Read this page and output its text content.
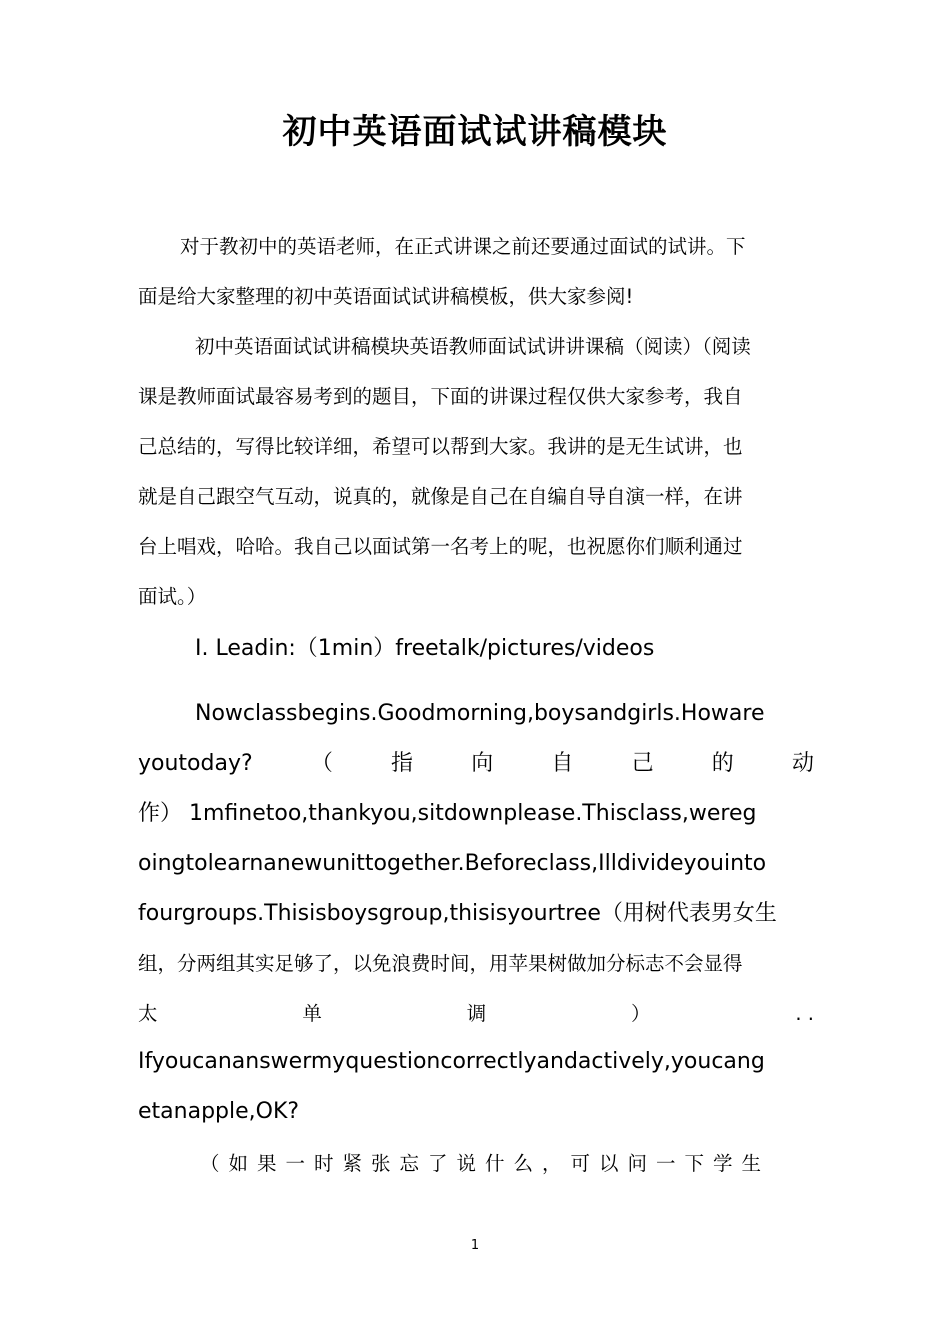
初中英语面试试讲稿模块
对于教初中的英语老师，在正式讲课之前还要通过面试的试讲。下
面是给大家整理的初中英语面试试讲稿模板，供大家参阅!
初中英语面试试讲稿模块英语教师面试试讲讲课稿（阅读）（阅读
课是教师面试最容易考到的题目，下面的讲课过程仅供大家参考，我自
己总结的，写得比较详细，希望可以帮到大家。我讲的是无生试讲，也
就是自己跟空气互动，说真的，就像是自己在自编自导自演一样，在讲
台上唱戏，哈哈。我自己以面试第一名考上的呢，也祝愿你们顺利通过
面试。）
I. Leadin:（1min）freetalk/pictures/videos
Nowclassbegins.Goodmorning,boysandgirls.Howare
youtoday?	（	指	向	自	己	的	动
作） 1mfinetoo,thankyou,sitdownplease.Thisclass,wereg
oingtolearnanewunittogether.Beforeclass,Illdivideyouinto
fourgroups.Thisisboysgroup,thisisyourtree（用树代表男女生
组，分两组其实足够了，以免浪费时间，用苹果树做加分标志不会显得
太	单	调	）	. .
Ifyoucananswermyquestioncorrectlyandactively,youcang
etanapple,OK?
（如果一时紧张忘了说什么，可以问一下学生
1
